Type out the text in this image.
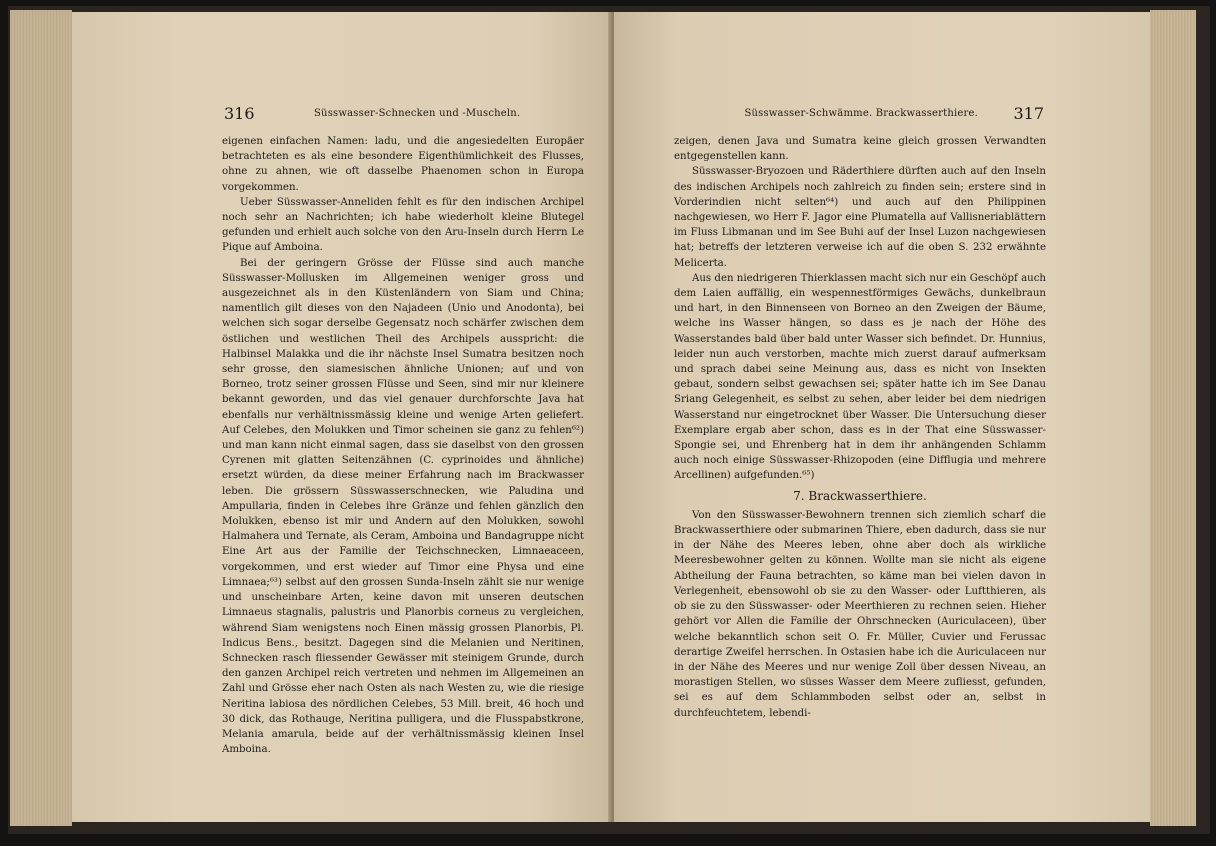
316	Süsswasser-Schnecken und -Muscheln.

eigenen einfachen Namen: ladu, und die angesiedelten Europäer betrachteten es als eine besondere Eigenthümlichkeit des Flusses, ohne zu ahnen, wie oft dasselbe Phaenomen schon in Europa vorgekommen.

Ueber Süsswasser-Anneliden fehlt es für den indischen Archipel noch sehr an Nachrichten; ich habe wiederholt kleine Blutegel gefunden und erhielt auch solche von den Aru-Inseln durch Herrn Le Pique auf Amboina.

Bei der geringern Grösse der Flüsse sind auch manche Süsswasser-Mollusken im Allgemeinen weniger gross und ausgezeichnet als in den Küstenländern von Siam und China; namentlich gilt dieses von den Najadeen (Unio und Anodonta), bei welchen sich sogar derselbe Gegensatz noch schärfer zwischen dem östlichen und westlichen Theil des Archipels ausspricht: die Halbinsel Malakka und die ihr nächste Insel Sumatra besitzen noch sehr grosse, den siamesischen ähnliche Unionen; auf und von Borneo, trotz seiner grossen Flüsse und Seen, sind mir nur kleinere bekannt geworden, und das viel genauer durchforschte Java hat ebenfalls nur verhältnissmässig kleine und wenige Arten geliefert. Auf Celebes, den Molukken und Timor scheinen sie ganz zu fehlen⁶²) und man kann nicht einmal sagen, dass sie daselbst von den grossen Cyrenen mit glatten Seitenzähnen (C. cyprinoides und ähnliche) ersetzt würden, da diese meiner Erfahrung nach im Brackwasser leben. Die grössern Süsswasserschnecken, wie Paludina und Ampullaria, finden in Celebes ihre Gränze und fehlen gänzlich den Molukken, ebenso ist mir und Andern auf den Molukken, sowohl Halmahera und Ternate, als Ceram, Amboina und Bandagruppe nicht Eine Art aus der Familie der Teichschnecken, Limnaeaceen, vorgekommen, und erst wieder auf Timor eine Physa und eine Limnaea;⁶³) selbst auf den grossen Sunda-Inseln zählt sie nur wenige und unscheinbare Arten, keine davon mit unseren deutschen Limnaeus stagnalis, palustris und Planorbis corneus zu vergleichen, während Siam wenigstens noch Einen mässig grossen Planorbis, Pl. Indicus Bens., besitzt. Dagegen sind die Melanien und Neritinen, Schnecken rasch fliessender Gewässer mit steinigem Grunde, durch den ganzen Archipel reich vertreten und nehmen im Allgemeinen an Zahl und Grösse eher nach Osten als nach Westen zu, wie die riesige Neritina labiosa des nördlichen Celebes, 53 Mill. breit, 46 hoch und 30 dick, das Rothauge, Neritina pulligera, und die Flusspabstkrone, Melania amarula, beide auf der verhältnissmässig kleinen Insel Amboina.

Süsswasser-Schwämme. Brackwasserthiere. 317

zeigen, denen Java und Sumatra keine gleich grossen Verwandten entgegenstellen kann.

Süsswasser-Bryozoen und Räderthiere dürften auch auf den Inseln des indischen Archipels noch zahlreich zu finden sein; erstere sind in Vorderindien nicht selten⁶⁴) und auch auf den Philippinen nachgewiesen, wo Herr F. Jagor eine Plumatella auf Vallisneriablättern im Fluss Libmanan und im See Buhi auf der Insel Luzon nachgewiesen hat; betreffs der letzteren verweise ich auf die oben S. 232 erwähnte Melicerta.

Aus den niedrigeren Thierklassen macht sich nur ein Geschöpf auch dem Laien auffällig, ein wespennestförmiges Gewächs, dunkelbraun und hart, in den Binnenseen von Borneo an den Zweigen der Bäume, welche ins Wasser hängen, so dass es je nach der Höhe des Wasserstandes bald über bald unter Wasser sich befindet. Dr. Hunnius, leider nun auch verstorben, machte mich zuerst darauf aufmerksam und sprach dabei seine Meinung aus, dass es nicht von Insekten gebaut, sondern selbst gewachsen sei; später hatte ich im See Danau Sriang Gelegenheit, es selbst zu sehen, aber leider bei dem niedrigen Wasserstand nur eingetrocknet über Wasser. Die Untersuchung dieser Exemplare ergab aber schon, dass es in der That eine Süsswasser-Spongie sei, und Ehrenberg hat in dem ihr anhängenden Schlamm auch noch einige Süsswasser-Rhizopoden (eine Difflugia und mehrere Arcellinen) aufgefunden.⁶⁵)

7. Brackwasserthiere.

Von den Süsswasser-Bewohnern trennen sich ziemlich scharf die Brackwasserthiere oder submarinen Thiere, eben dadurch, dass sie nur in der Nähe des Meeres leben, ohne aber doch als wirkliche Meeresbewohner gelten zu können. Wollte man sie nicht als eigene Abtheilung der Fauna betrachten, so käme man bei vielen davon in Verlegenheit, ebensowohl ob sie zu den Wasser- oder Luftthieren, als ob sie zu den Süsswasser- oder Meerthieren zu rechnen seien. Hieher gehört vor Allen die Familie der Ohrschnecken (Auriculaceen), über welche bekanntlich schon seit O. Fr. Müller, Cuvier und Ferussac derartige Zweifel herrschen. In Ostasien habe ich die Auriculaceen nur in der Nähe des Meeres und nur wenige Zoll über dessen Niveau, an morastigen Stellen, wo süsses Wasser dem Meere zufliesst, gefunden, sei es auf dem Schlammboden selbst oder an, selbst in durchfeuchtetem, lebendi-
